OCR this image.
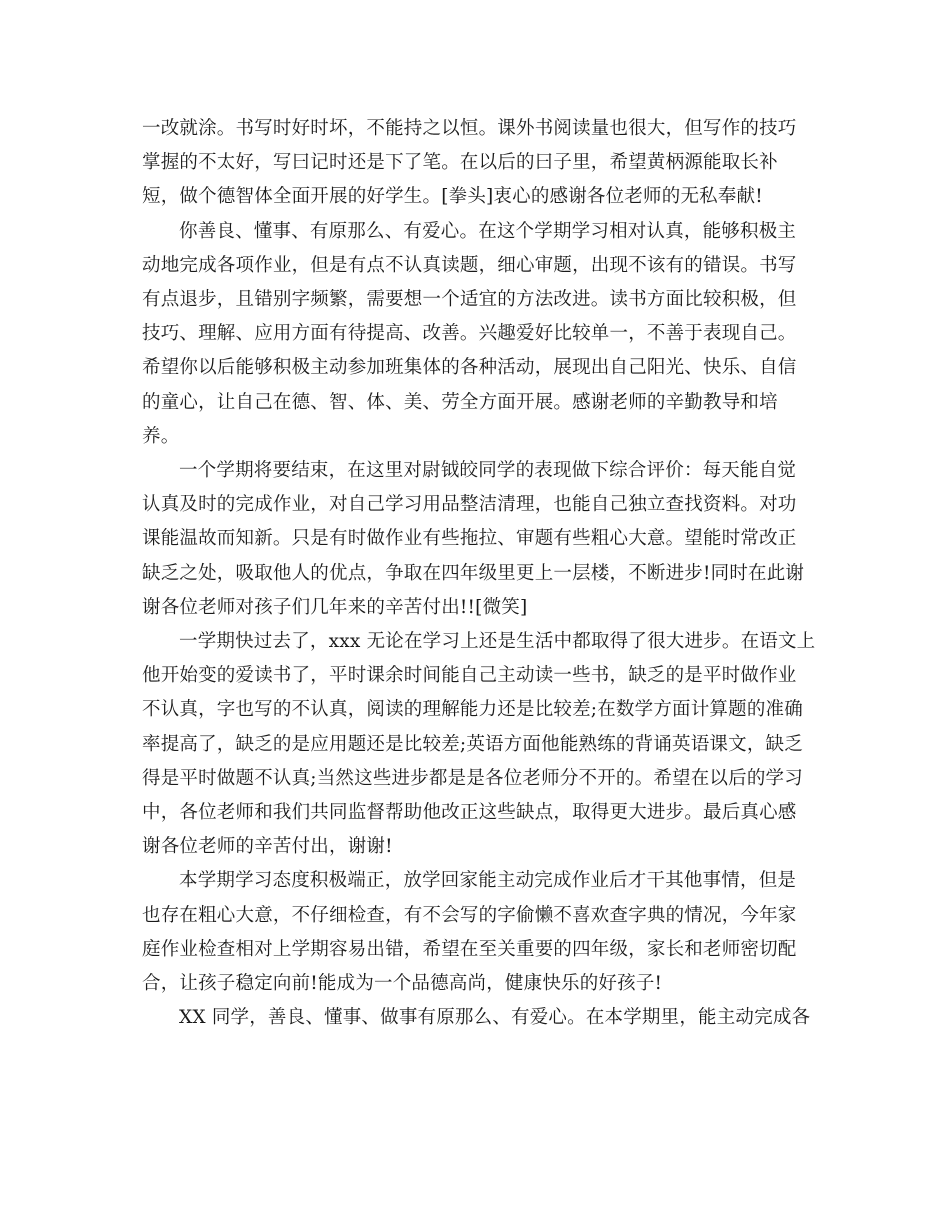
一改就涂。书写时好时坏，不能持之以恒。课外书阅读量也很大，但写作的技巧
掌握的不太好，写曰记时还是下了笔。在以后的曰子里，希望黄柄源能取长补
短，做个德智体全面开展的好学生。[拳头]衷心的感谢各位老师的无私奉献!

你善良、懂事、有原那么、有爱心。在这个学期学习相对认真，能够积极主
动地完成各项作业，但是有点不认真读题，细心审题，出现不该有的错误。书写
有点退步，且错别字频繁，需要想一个适宜的方法改进。读书方面比较积极，但
技巧、理解、应用方面有待提高、改善。兴趣爱好比较单一，不善于表现自己。
希望你以后能够积极主动参加班集体的各种活动，展现出自己阳光、快乐、自信
的童心，让自己在德、智、体、美、劳全方面开展。感谢老师的辛勤教导和培
养。

一个学期将要结束，在这里对尉钺皎同学的表现做下综合评价：每天能自觉
认真及时的完成作业，对自己学习用品整洁清理，也能自己独立查找资料。对功
课能温故而知新。只是有时做作业有些拖拉、审题有些粗心大意。望能时常改正
缺乏之处，吸取他人的优点，争取在四年级里更上一层楼，不断进步!同时在此谢
谢各位老师对孩子们几年来的辛苦付出!![微笑]

一学期快过去了，xxx 无论在学习上还是生活中都取得了很大进步。在语文上
他开始变的爱读书了，平时课余时间能自己主动读一些书，缺乏的是平时做作业
不认真，字也写的不认真，阅读的理解能力还是比较差;在数学方面计算题的准确
率提高了，缺乏的是应用题还是比较差;英语方面他能熟练的背诵英语课文，缺乏
得是平时做题不认真;当然这些进步都是是各位老师分不开的。希望在以后的学习
中，各位老师和我们共同监督帮助他改正这些缺点，取得更大进步。最后真心感
谢各位老师的辛苦付出，谢谢!

本学期学习态度积极端正，放学回家能主动完成作业后才干其他事情，但是
也存在粗心大意，不仔细检查，有不会写的字偷懒不喜欢查字典的情况，今年家
庭作业检查相对上学期容易出错，希望在至关重要的四年级，家长和老师密切配
合，让孩子稳定向前!能成为一个品德高尚，健康快乐的好孩子!

XX 同学，善良、懂事、做事有原那么、有爱心。在本学期里，能主动完成各
